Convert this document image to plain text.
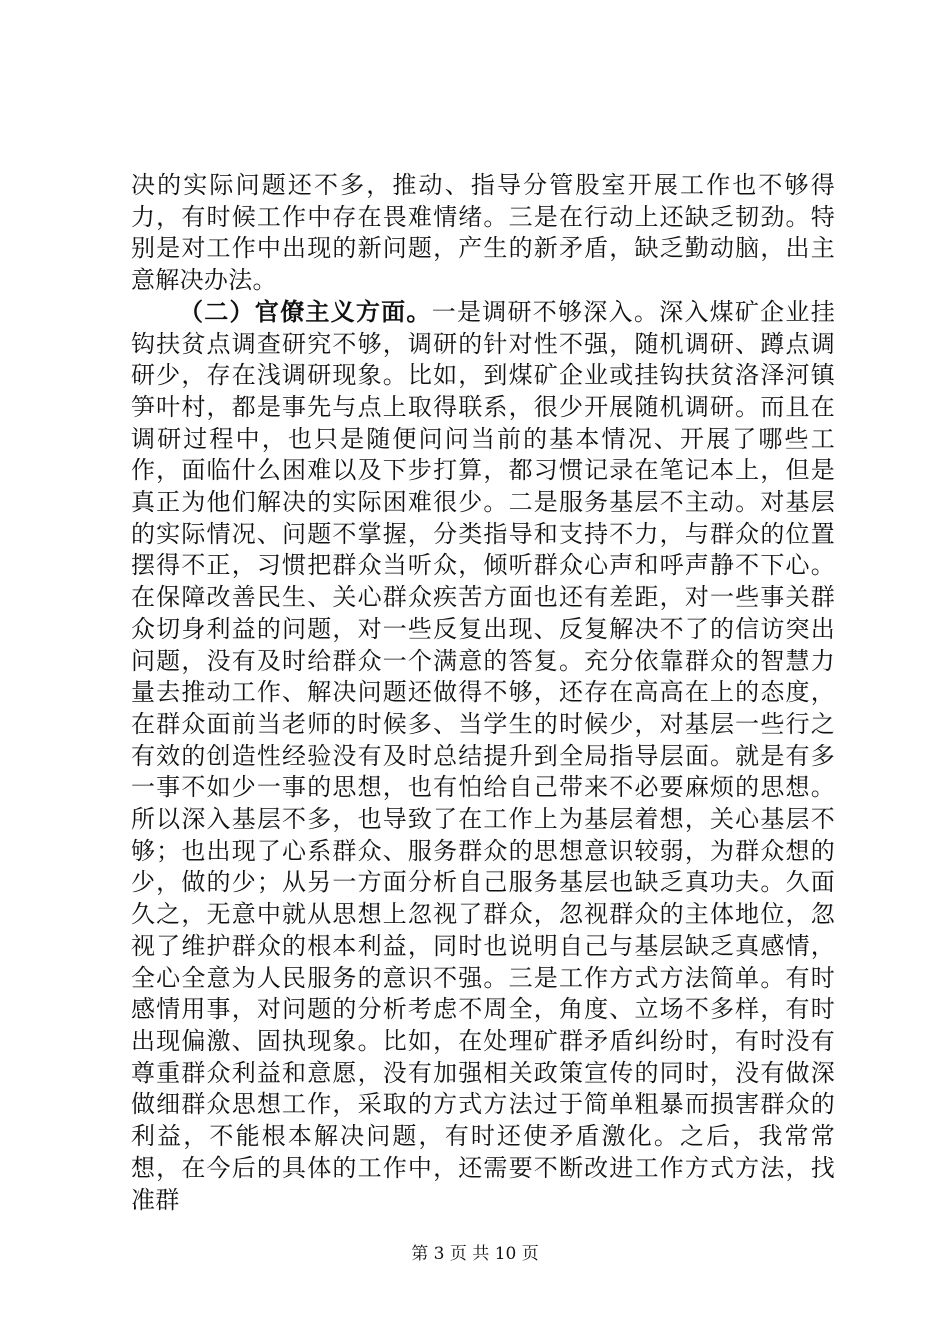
决的实际问题还不多，推动、指导分管股室开展工作也不够得力，有时候工作中存在畏难情绪。三是在行动上还缺乏韧劲。特别是对工作中出现的新问题，产生的新矛盾，缺乏勤动脑，出主意解决办法。

（二）官僚主义方面。一是调研不够深入。深入煤矿企业挂钩扶贫点调查研究不够，调研的针对性不强，随机调研、蹲点调研少，存在浅调研现象。比如，到煤矿企业或挂钩扶贫洛泽河镇笋叶村，都是事先与点上取得联系，很少开展随机调研。而且在调研过程中，也只是随便问问当前的基本情况、开展了哪些工作，面临什么困难以及下步打算，都习惯记录在笔记本上，但是真正为他们解决的实际困难很少。二是服务基层不主动。对基层的实际情况、问题不掌握，分类指导和支持不力，与群众的位置摆得不正，习惯把群众当听众，倾听群众心声和呼声静不下心。在保障改善民生、关心群众疾苦方面也还有差距，对一些事关群众切身利益的问题，对一些反复出现、反复解决不了的信访突出问题，没有及时给群众一个满意的答复。充分依靠群众的智慧力量去推动工作、解决问题还做得不够，还存在高高在上的态度，在群众面前当老师的时候多、当学生的时候少，对基层一些行之有效的创造性经验没有及时总结提升到全局指导层面。就是有多一事不如少一事的思想，也有怕给自己带来不必要麻烦的思想。所以深入基层不多，也导致了在工作上为基层着想，关心基层不够；也出现了心系群众、服务群众的思想意识较弱，为群众想的少，做的少；从另一方面分析自己服务基层也缺乏真功夫。久面久之，无意中就从思想上忽视了群众，忽视群众的主体地位，忽视了维护群众的根本利益，同时也说明自己与基层缺乏真感情，全心全意为人民服务的意识不强。三是工作方式方法简单。有时感情用事，对问题的分析考虑不周全，角度、立场不多样，有时出现偏激、固执现象。比如，在处理矿群矛盾纠纷时，有时没有尊重群众利益和意愿，没有加强相关政策宣传的同时，没有做深做细群众思想工作，采取的方式方法过于简单粗暴而损害群众的利益，不能根本解决问题，有时还使矛盾激化。之后，我常常想，在今后的具体的工作中，还需要不断改进工作方式方法，找准群

第 3 页 共 10 页
